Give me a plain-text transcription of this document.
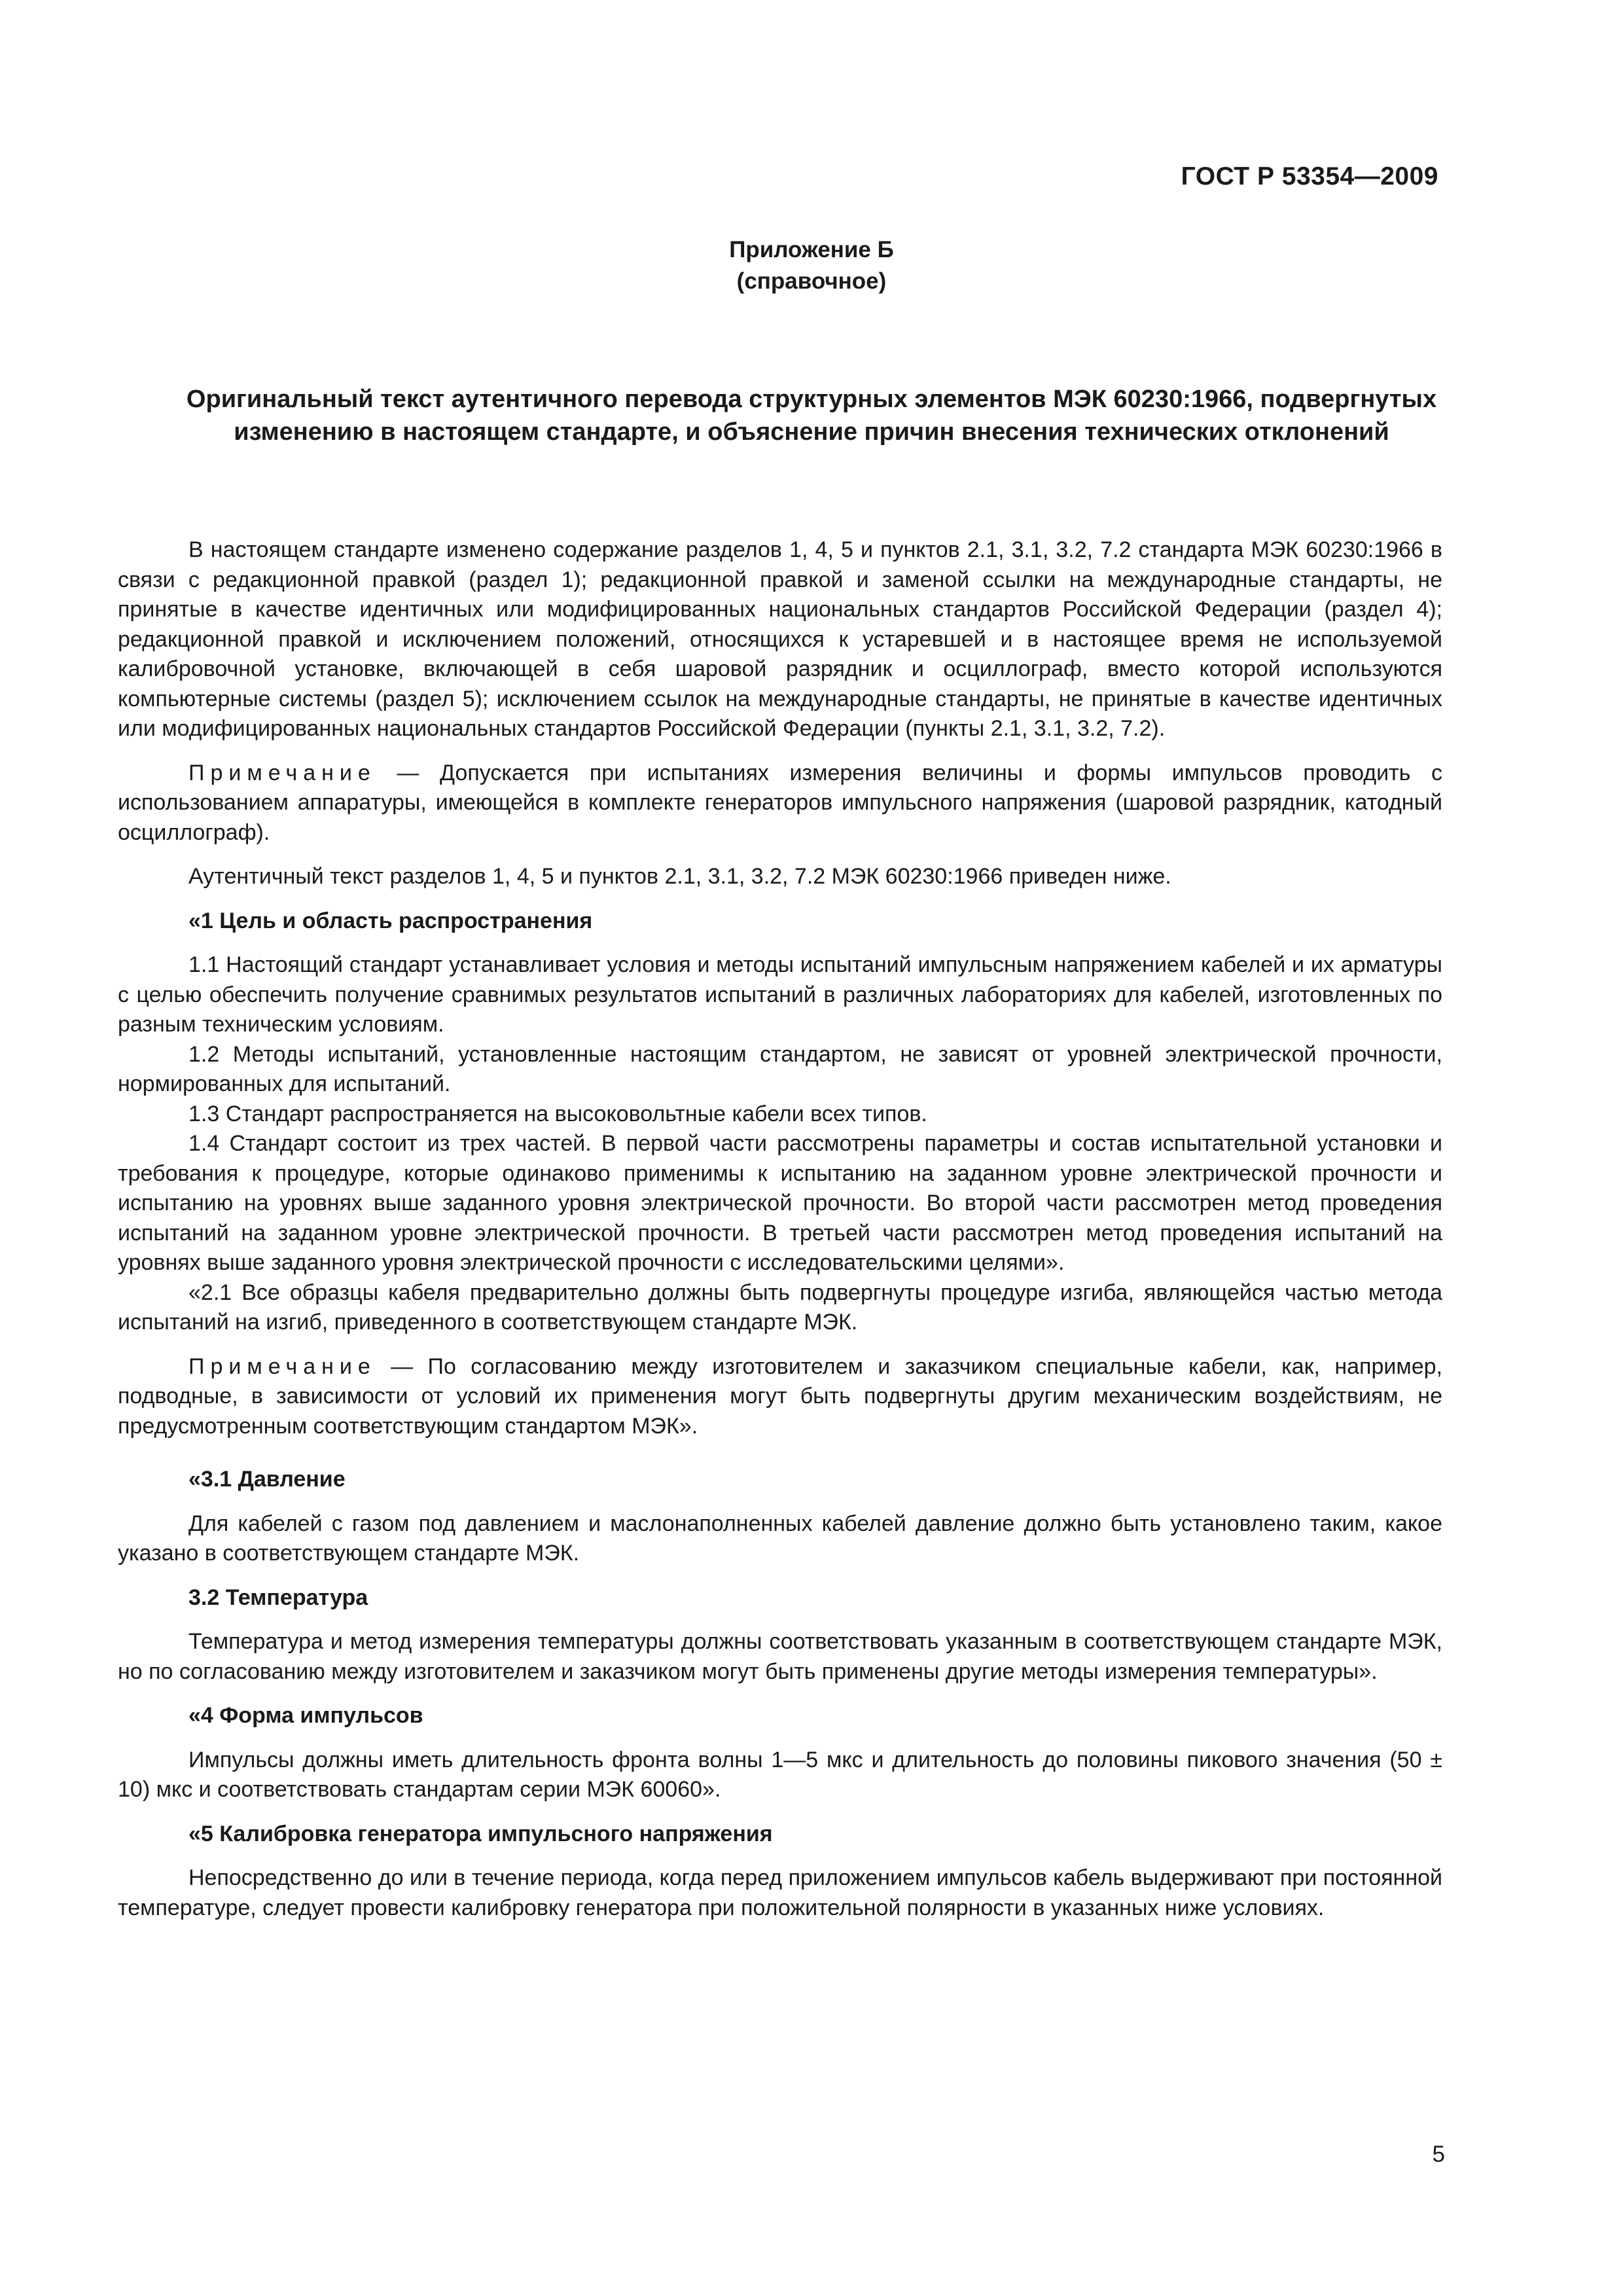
ГОСТ Р 53354—2009
Приложение Б
(справочное)
Оригинальный текст аутентичного перевода структурных элементов МЭК 60230:1966, подвергнутых изменению в настоящем стандарте, и объяснение причин внесения технических отклонений

В настоящем стандарте изменено содержание разделов 1, 4, 5 и пунктов 2.1, 3.1, 3.2, 7.2 стандарта МЭК 60230:1966 в связи с редакционной правкой (раздел 1); редакционной правкой и заменой ссылки на международные стандарты, не принятые в качестве идентичных или модифицированных национальных стандартов Российской Федерации (раздел 4); редакционной правкой и исключением положений, относящихся к устаревшей и в настоящее время не используемой калибровочной установке, включающей в себя шаровой разрядник и осциллограф, вместо которой используются компьютерные системы (раздел 5); исключением ссылок на международные стандарты, не принятые в качестве идентичных или модифицированных национальных стандартов Российской Федерации (пункты 2.1, 3.1, 3.2, 7.2).

Примечание — Допускается при испытаниях измерения величины и формы импульсов проводить с использованием аппаратуры, имеющейся в комплекте генераторов импульсного напряжения (шаровой разрядник, катодный осциллограф).

Аутентичный текст разделов 1, 4, 5 и пунктов 2.1, 3.1, 3.2, 7.2 МЭК 60230:1966 приведен ниже.

«1 Цель и область распространения

1.1 Настоящий стандарт устанавливает условия и методы испытаний импульсным напряжением кабелей и их арматуры с целью обеспечить получение сравнимых результатов испытаний в различных лабораториях для кабелей, изготовленных по разным техническим условиям.

1.2 Методы испытаний, установленные настоящим стандартом, не зависят от уровней электрической прочности, нормированных для испытаний.

1.3 Стандарт распространяется на высоковольтные кабели всех типов.

1.4 Стандарт состоит из трех частей. В первой части рассмотрены параметры и состав испытательной установки и требования к процедуре, которые одинаково применимы к испытанию на заданном уровне электрической прочности и испытанию на уровнях выше заданного уровня электрической прочности. Во второй части рассмотрен метод проведения испытаний на заданном уровне электрической прочности. В третьей части рассмотрен метод проведения испытаний на уровнях выше заданного уровня электрической прочности с исследовательскими целями».

«2.1 Все образцы кабеля предварительно должны быть подвергнуты процедуре изгиба, являющейся частью метода испытаний на изгиб, приведенного в соответствующем стандарте МЭК.

Примечание — По согласованию между изготовителем и заказчиком специальные кабели, как, например, подводные, в зависимости от условий их применения могут быть подвергнуты другим механическим воздействиям, не предусмотренным соответствующим стандартом МЭК».

«3.1 Давление

Для кабелей с газом под давлением и маслонаполненных кабелей давление должно быть установлено таким, какое указано в соответствующем стандарте МЭК.

3.2 Температура

Температура и метод измерения температуры должны соответствовать указанным в соответствующем стандарте МЭК, но по согласованию между изготовителем и заказчиком могут быть применены другие методы измерения температуры».

«4 Форма импульсов

Импульсы должны иметь длительность фронта волны 1—5 мкс и длительность до половины пикового значения (50 ± 10) мкс и соответствовать стандартам серии МЭК 60060».

«5 Калибровка генератора импульсного напряжения

Непосредственно до или в течение периода, когда перед приложением импульсов кабель выдерживают при постоянной температуре, следует провести калибровку генератора при положительной полярности в указанных ниже условиях.

5
